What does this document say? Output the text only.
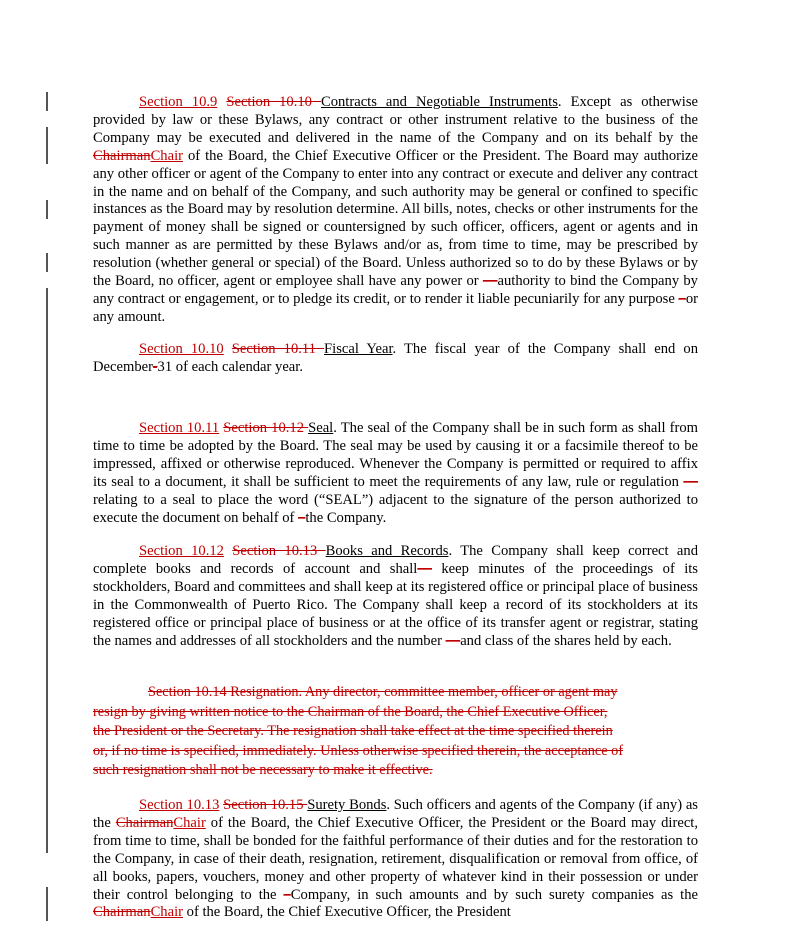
Section 10.9 Section 10.10 Contracts and Negotiable Instruments. Except as otherwise provided by law or these Bylaws, any contract or other instrument relative to the business of the Company may be executed and delivered in the name of the Company and on its behalf by the ChairmanChair of the Board, the Chief Executive Officer or the President. The Board may authorize any other officer or agent of the Company to enter into any contract or execute and deliver any contract in the name and on behalf of the Company, and such authority may be general or confined to specific instances as the Board may by resolution determine. All bills, notes, checks or other instruments for the payment of money shall be signed or countersigned by such officer, officers, agent or agents and in such manner as are permitted by these Bylaws and/or as, from time to time, may be prescribed by resolution (whether general or special) of the Board. Unless authorized so to do by these Bylaws or by the Board, no officer, agent or employee shall have any power or —authority to bind the Company by any contract or engagement, or to pledge its credit, or to render it liable pecuniarily for any purpose –or any amount.

Section 10.10 Section 10.11 Fiscal Year. The fiscal year of the Company shall end on December-31 of each calendar year.

Section 10.11 Section 10.12 Seal. The seal of the Company shall be in such form as shall from time to time be adopted by the Board. The seal may be used by causing it or a facsimile thereof to be impressed, affixed or otherwise reproduced. Whenever the Company is permitted or required to affix its seal to a document, it shall be sufficient to meet the requirements of any law, rule or regulation —relating to a seal to place the word (“SEAL”) adjacent to the signature of the person authorized to execute the document on behalf of –the Company.

Section 10.12 Section 10.13 Books and Records. The Company shall keep correct and complete books and records of account and shall— keep minutes of the proceedings of its stockholders, Board and committees and shall keep at its registered office or principal place of business in the Commonwealth of Puerto Rico. The Company shall keep a record of its stockholders at its registered office or principal place of business or at the office of its transfer agent or registrar, stating the names and addresses of all stockholders and the number —and class of the shares held by each.

Section 10.14 Resignation. Any director, committee member, officer or agent may
resign by giving written notice to the Chairman of the Board, the Chief Executive Officer,
the President or the Secretary. The resignation shall take effect at the time specified therein
or, if no time is specified, immediately. Unless otherwise specified therein, the acceptance of
such resignation shall not be necessary to make it effective.

Section 10.13 Section 10.15 Surety Bonds. Such officers and agents of the Company (if any) as the ChairmanChair of the Board, the Chief Executive Officer, the President or the Board may direct, from time to time, shall be bonded for the faithful performance of their duties and for the restoration to the Company, in case of their death, resignation, retirement, disqualification or removal from office, of all books, papers, vouchers, money and other property of whatever kind in their possession or under their control belonging to the –Company, in such amounts and by such surety companies as the ChairmanChair of the Board, the Chief Executive Officer, the President
